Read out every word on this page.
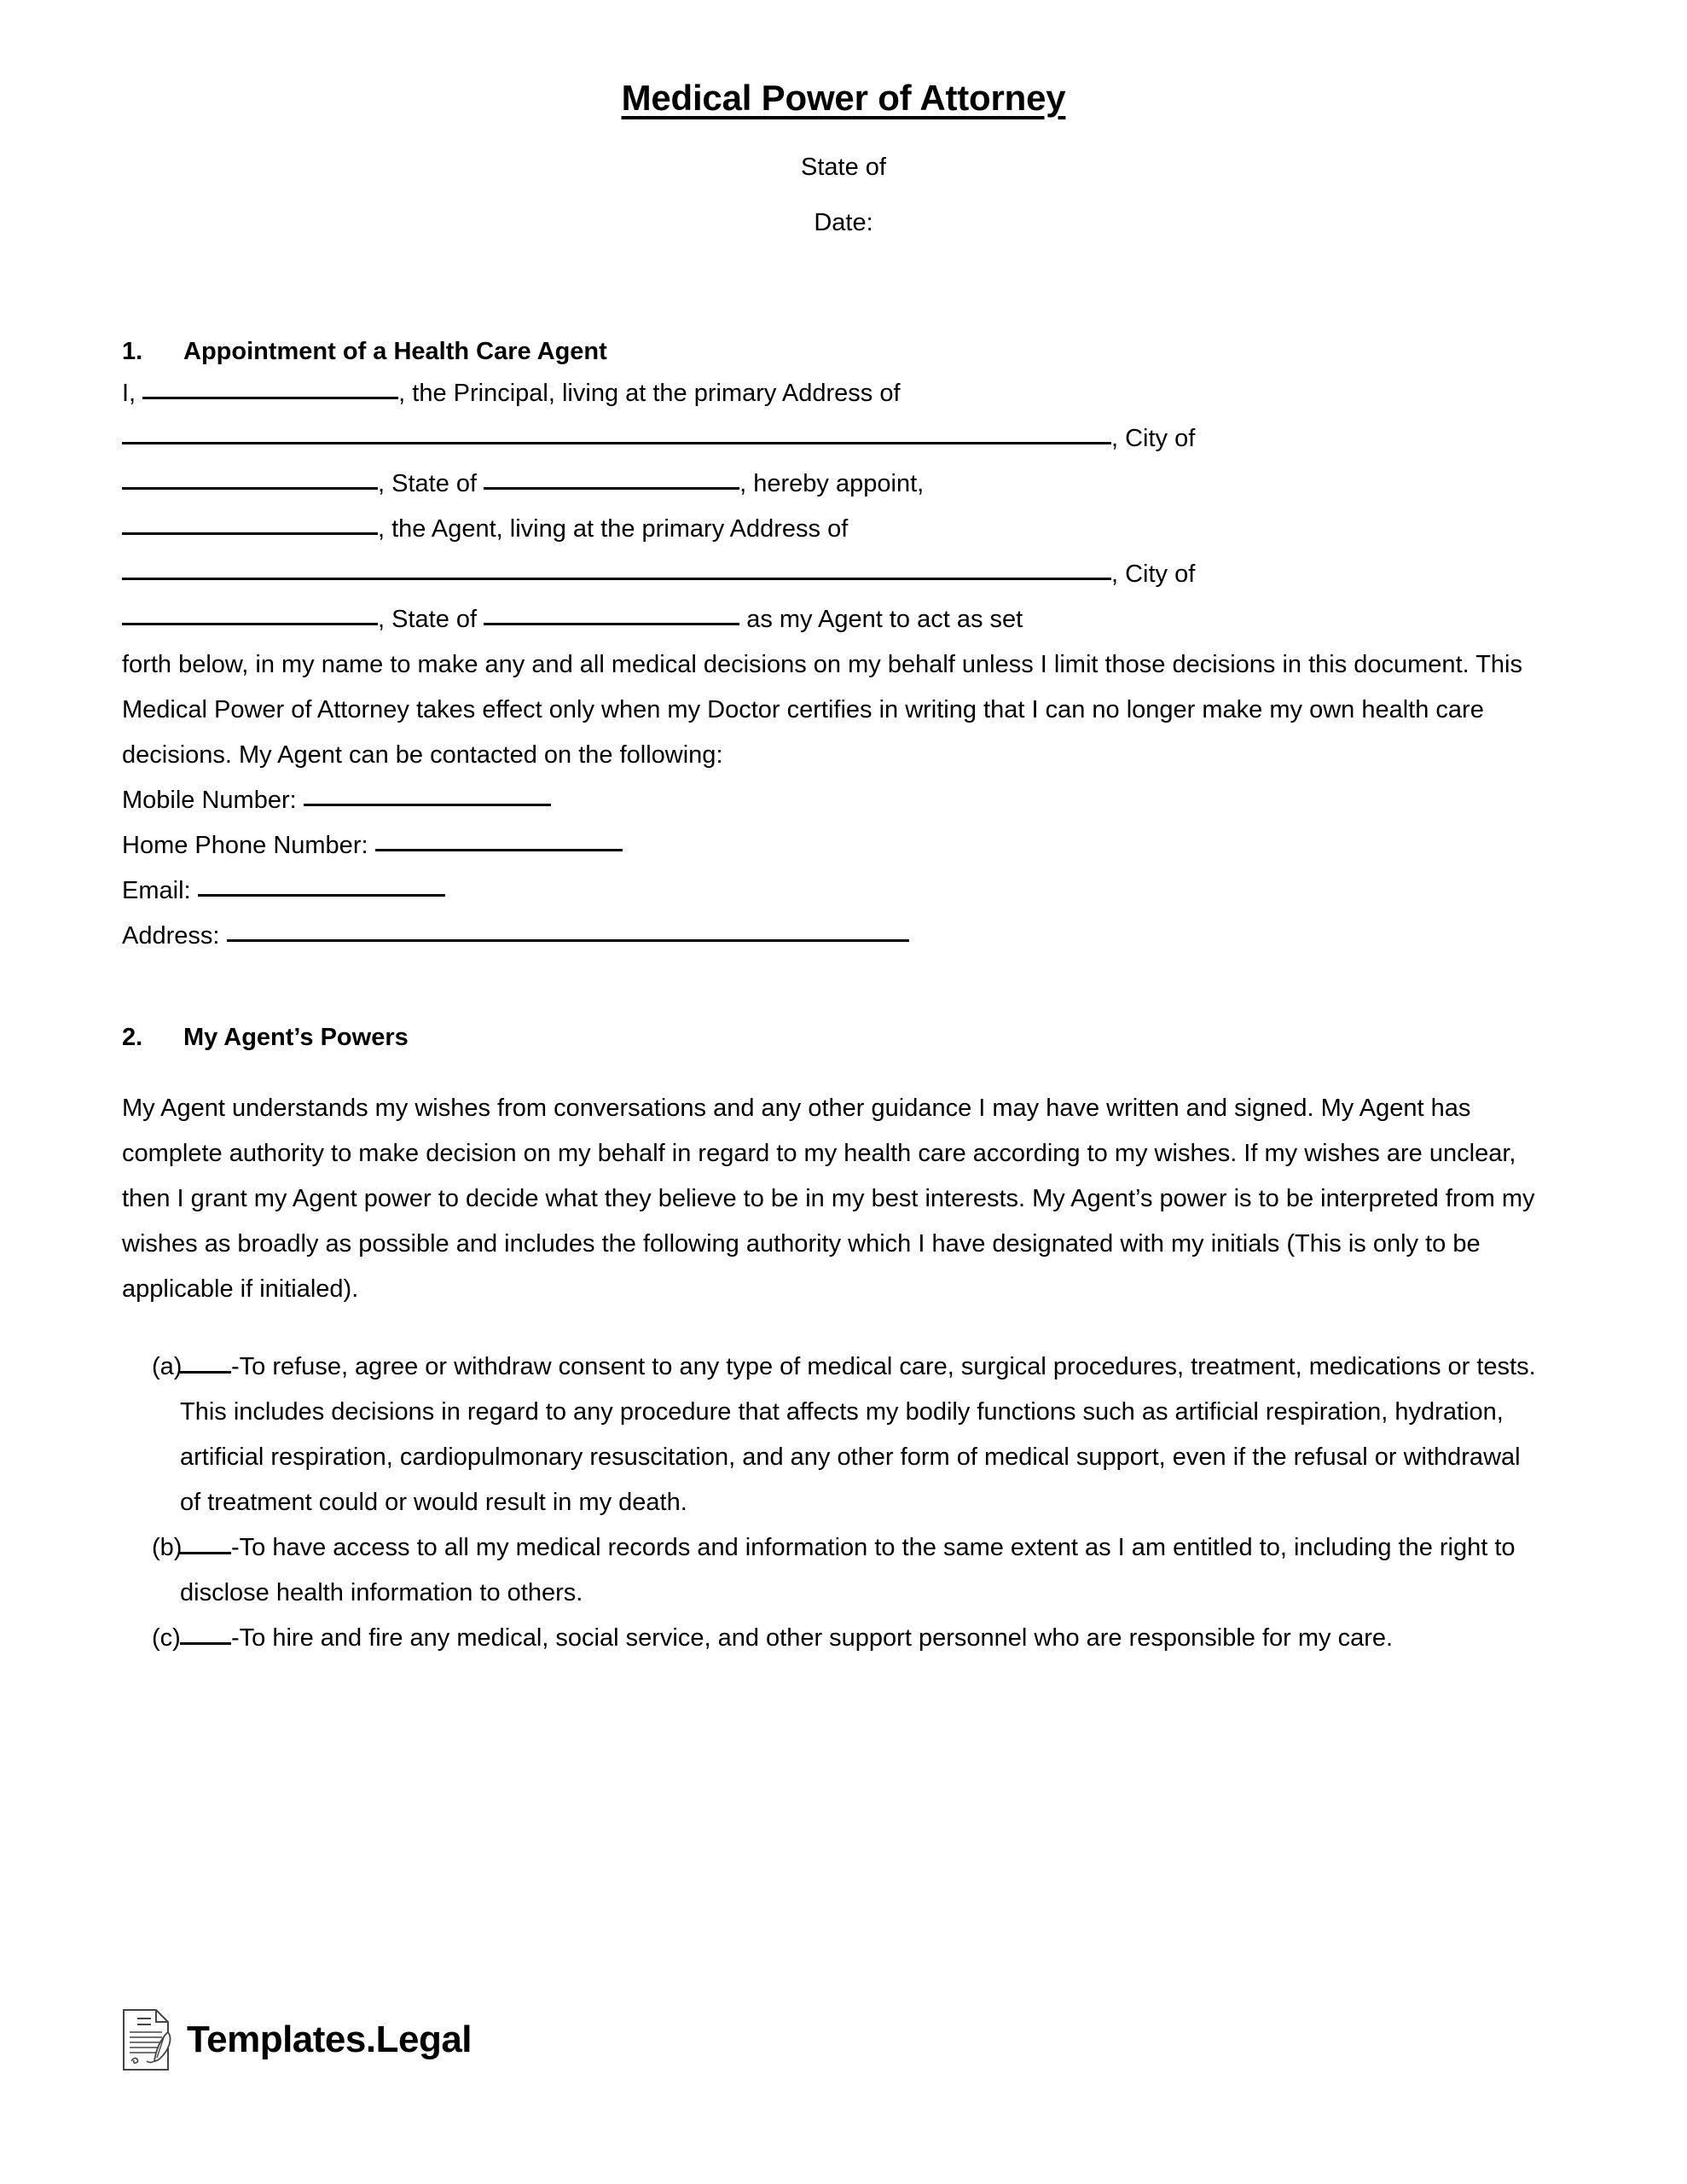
Medical Power of Attorney
State of
Date:
1.	Appointment of a Health Care Agent
I,	, the Principal, living at the primary Address of
, City of
, State of	, hereby appoint,
, the Agent, living at the primary Address of
, City of
, State of	as my Agent to act as set
forth below, in my name to make any and all medical decisions on my behalf unless I limit those decisions in this document. This Medical Power of Attorney takes effect only when my Doctor certifies in writing that I can no longer make my own health care decisions. My Agent can be contacted on the following:
Mobile Number:
Home Phone Number:
Email:
Address:
2.	My Agent’s Powers
My Agent understands my wishes from conversations and any other guidance I may have written and signed. My Agent has complete authority to make decision on my behalf in regard to my health care according to my wishes. If my wishes are unclear, then I grant my Agent power to decide what they believe to be in my best interests. My Agent’s power is to be interpreted from my wishes as broadly as possible and includes the following authority which I have designated with my initials (This is only to be applicable if initialed).
(a)	-To refuse, agree or withdraw consent to any type of medical care, surgical procedures, treatment, medications or tests. This includes decisions in regard to any procedure that affects my bodily functions such as artificial respiration, hydration, artificial respiration, cardiopulmonary resuscitation, and any other form of medical support, even if the refusal or withdrawal of treatment could or would result in my death.
(b)	-To have access to all my medical records and information to the same extent as I am entitled to, including the right to disclose health information to others.
(c)	-To hire and fire any medical, social service, and other support personnel who are responsible for my care.
Templates.Legal
